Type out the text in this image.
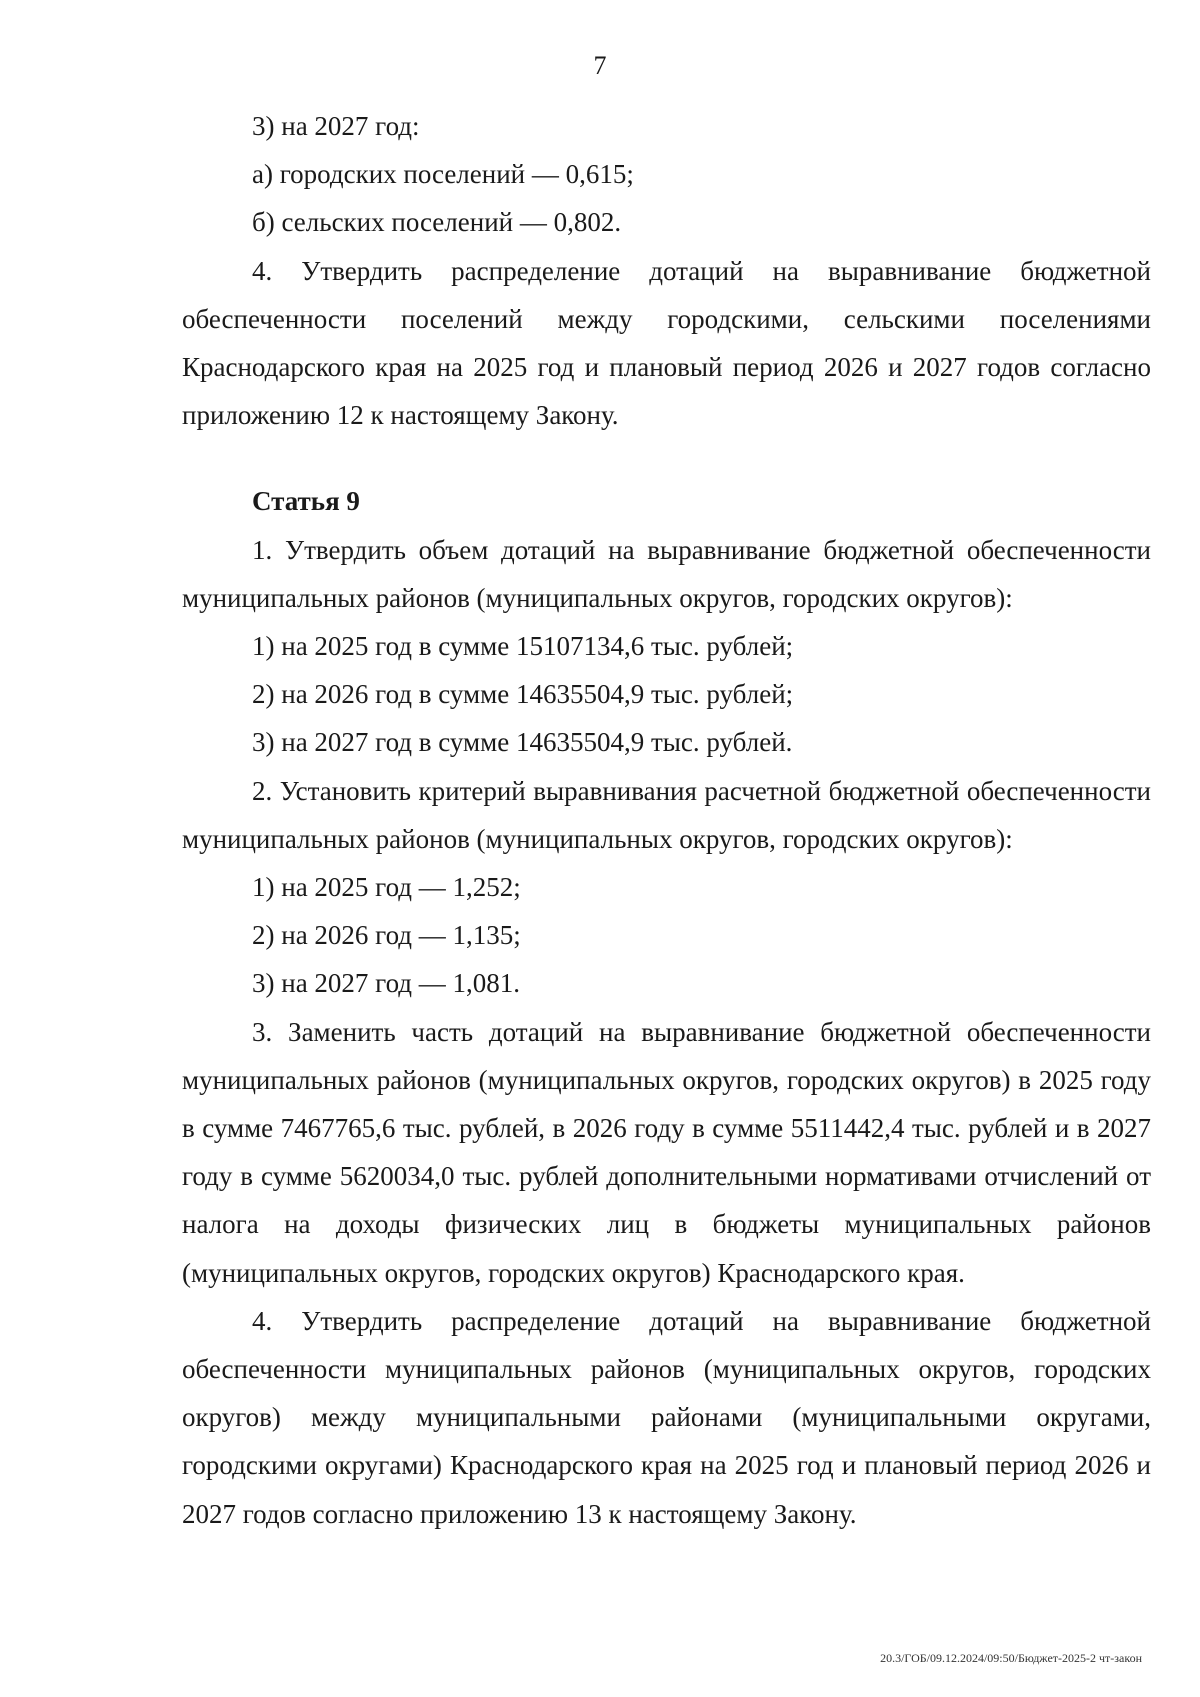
7

3) на 2027 год:

а) городских поселений — 0,615;

б) сельских поселений — 0,802.

4. Утвердить распределение дотаций на выравнивание бюджетной обеспеченности поселений между городскими, сельскими поселениями Краснодарского края на 2025 год и плановый период 2026 и 2027 годов согласно приложению 12 к настоящему Закону.

Статья 9

1. Утвердить объем дотаций на выравнивание бюджетной обеспеченности муниципальных районов (муниципальных округов, городских округов):

1) на 2025 год в сумме 15107134,6 тыс. рублей;

2) на 2026 год в сумме 14635504,9 тыс. рублей;

3) на 2027 год в сумме 14635504,9 тыс. рублей.

2. Установить критерий выравнивания расчетной бюджетной обеспеченности муниципальных районов (муниципальных округов, городских округов):

1) на 2025 год — 1,252;

2) на 2026 год — 1,135;

3) на 2027 год — 1,081.

3. Заменить часть дотаций на выравнивание бюджетной обеспеченности муниципальных районов (муниципальных округов, городских округов) в 2025 году в сумме 7467765,6 тыс. рублей, в 2026 году в сумме 5511442,4 тыс. рублей и в 2027 году в сумме 5620034,0 тыс. рублей дополнительными нормативами отчислений от налога на доходы физических лиц в бюджеты муниципальных районов (муниципальных округов, городских округов) Краснодарского края.

4. Утвердить распределение дотаций на выравнивание бюджетной обеспеченности муниципальных районов (муниципальных округов, городских округов) между муниципальными районами (муниципальными округами, городскими округами) Краснодарского края на 2025 год и плановый период 2026 и 2027 годов согласно приложению 13 к настоящему Закону.

20.3/ГОБ/09.12.2024/09:50/Бюджет-2025-2 чт-закон
